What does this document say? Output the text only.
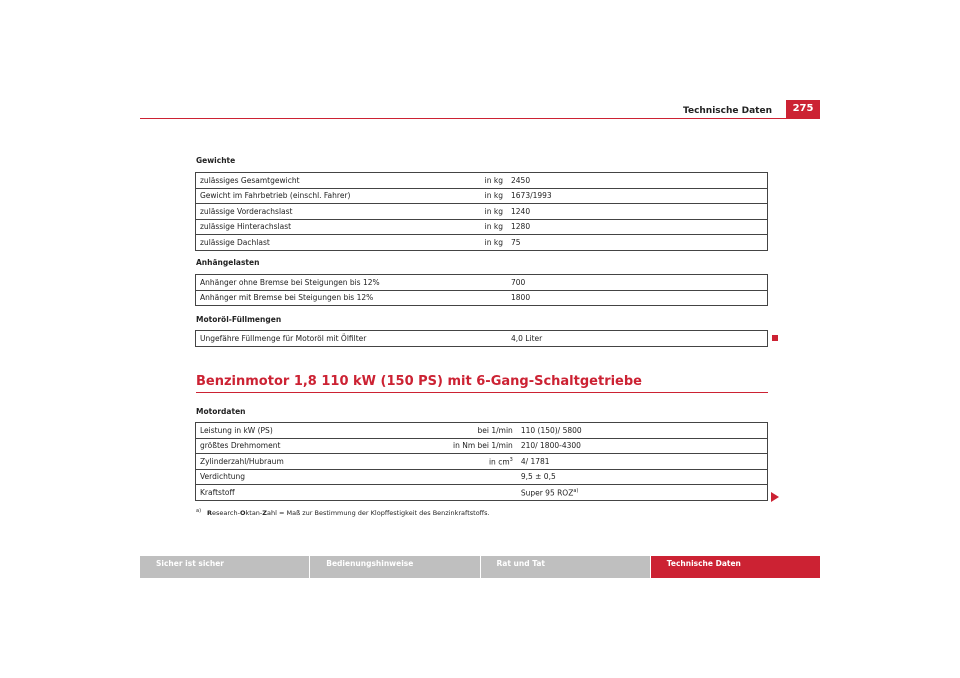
Technische Daten	275
Gewichte
zulässiges Gesamtgewicht	in kg	2450
Gewicht im Fahrbetrieb (einschl. Fahrer)	in kg	1673/1993
zulässige Vorderachslast	in kg	1240
zulässige Hinterachslast	in kg	1280
zulässige Dachlast	in kg	75
Anhängelasten
Anhänger ohne Bremse bei Steigungen bis 12%		700
Anhänger mit Bremse bei Steigungen bis 12%		1800
Motoröl-Füllmengen
Ungefähre Füllmenge für Motoröl mit Ölfilter		4,0 Liter
Benzinmotor 1,8 110 kW (150 PS) mit 6-Gang-Schaltgetriebe
Motordaten
Leistung in kW (PS)	bei 1/min	110 (150)/ 5800
größtes Drehmoment	in Nm bei 1/min	210/ 1800-4300
Zylinderzahl/Hubraum	in $cm^3$	4/ 1781
Verdichtung		9,5 ± 0,5
Kraftstoff		Super 95 ROZ$^{a)}$
$^{a)}$ Research-Oktan-Zahl = Maß zur Bestimmung der Klopffestigkeit des Benzinkraftstoffs.
Sicher ist sicher	Bedienungshinweise	Rat und Tat	Technische Daten
